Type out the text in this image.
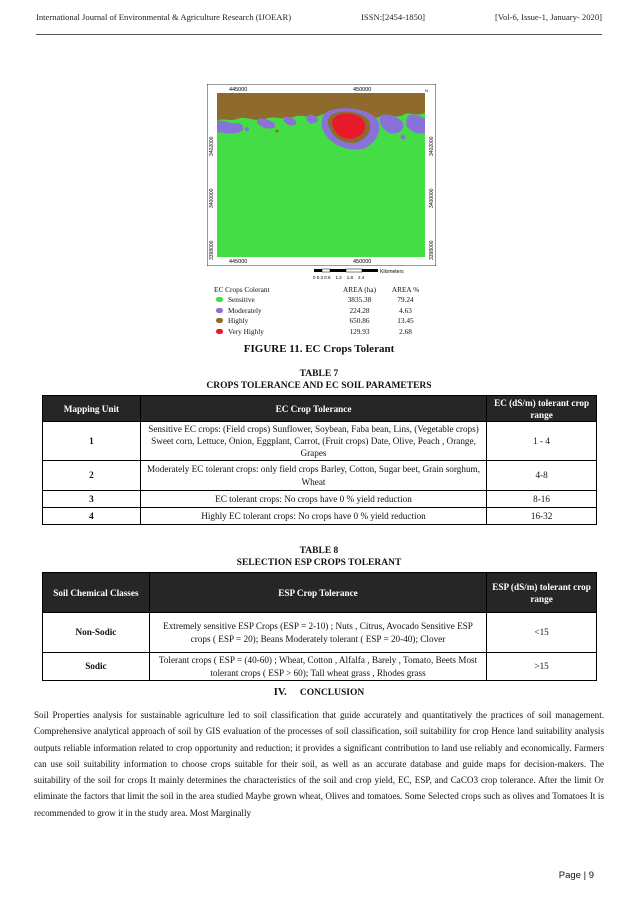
International Journal of Environmental & Agriculture Research (IJOEAR)	ISSN:[2454-1850]	[Vol-6, Issue-1, January- 2020]
445000	450000
445000	450000
3402000
3400000
3398000
3402000
3400000
3398000
N
Kilometers
0 0.3 0.6    1.2    1.8    2.4
EC Crops Colerant	AREA (ha)	AREA %
Sensitive	3835.38	79.24
Moderately	224.28	4.63
Highly	650.86	13.45
Very Highly	129.93	2.68
FIGURE 11. EC Crops Tolerant
TABLE 7
CROPS TOLERANCE AND EC SOIL PARAMETERS
Mapping Unit	EC Crop Tolerance	EC (dS/m) tolerant crop range
1	Sensitive EC crops: (Field crops) Sunflower, Soybean, Faba bean, Lins, (Vegetable crops) Sweet corn, Lettuce, Onion, Eggplant, Carrot, (Fruit crops) Date, Olive, Peach , Orange, Grapes	1 - 4
2	Moderately EC tolerant crops: only field crops Barley, Cotton, Sugar beet, Grain sorghum, Wheat	4-8
3	EC tolerant crops: No crops have 0 % yield reduction	8-16
4	Highly EC tolerant crops: No crops have 0 % yield reduction	16-32
TABLE 8
SELECTION ESP CROPS TOLERANT
Soil Chemical Classes	ESP Crop Tolerance	ESP (dS/m) tolerant crop range
Non-Sodic	Extremely sensitive ESP Crops (ESP = 2-10) ; Nuts , Citrus, Avocado Sensitive ESP crops ( ESP = 20); Beans Moderately tolerant ( ESP = 20-40); Clover	<15
Sodic	Tolerant crops ( ESP = (40-60) ; Wheat, Cotton , Alfalfa , Barely , Tomato, Beets Most tolerant crops ( ESP > 60); Tall wheat grass , Rhodes grass	>15
IV. CONCLUSION
Soil Properties analysis for sustainable agriculture led to soil classification that guide accurately and quantitatively the practices of soil management. Comprehensive analytical approach of soil by GIS evaluation of the processes of soil classification, soil suitability for crop Hence land suitability analysis outputs reliable information related to crop opportunity and reduction; it provides a significant contribution to land use reliably and economically. Farmers can use soil suitability information to choose crops suitable for their soil, as well as an accurate database and guide maps for decision-makers. The suitability of the soil for crops It mainly determines the characteristics of the soil and crop yield, EC, ESP, and CaCO3 crop tolerance. After the limit Or eliminate the factors that limit the soil in the area studied Maybe grown wheat, Olives and tomatoes. Some Selected crops such as olives and Tomatoes It is recommended to grow it in the study area. Most Marginally
Page | 9
